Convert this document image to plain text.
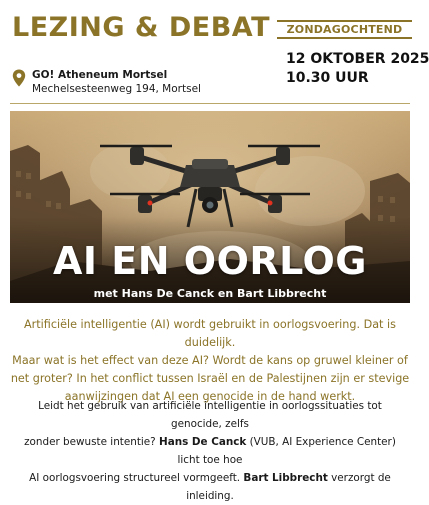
LEZING & DEBAT	ZONDAGOCHTEND
12 OKTOBER 2025
10.30 UUR
GO! Atheneum Mortsel
Mechelsesteenweg 194, Mortsel
AI EN OORLOG
met Hans De Canck en Bart Libbrecht
Artificiële intelligentie (AI) wordt gebruikt in oorlogsvoering. Dat is duidelijk.
Maar wat is het effect van deze AI? Wordt de kans op gruwel kleiner of
net groter? In het conflict tussen Israël en de Palestijnen zijn er stevige
aanwijzingen dat AI een genocide in de hand werkt.
Leidt het gebruik van artificiële intelligentie in oorlogssituaties tot genocide, zelfs
zonder bewuste intentie? Hans De Canck (VUB, AI Experience Center) licht toe hoe
AI oorlogsvoering structureel vormgeeft. Bart Libbrecht verzorgt de inleiding.
